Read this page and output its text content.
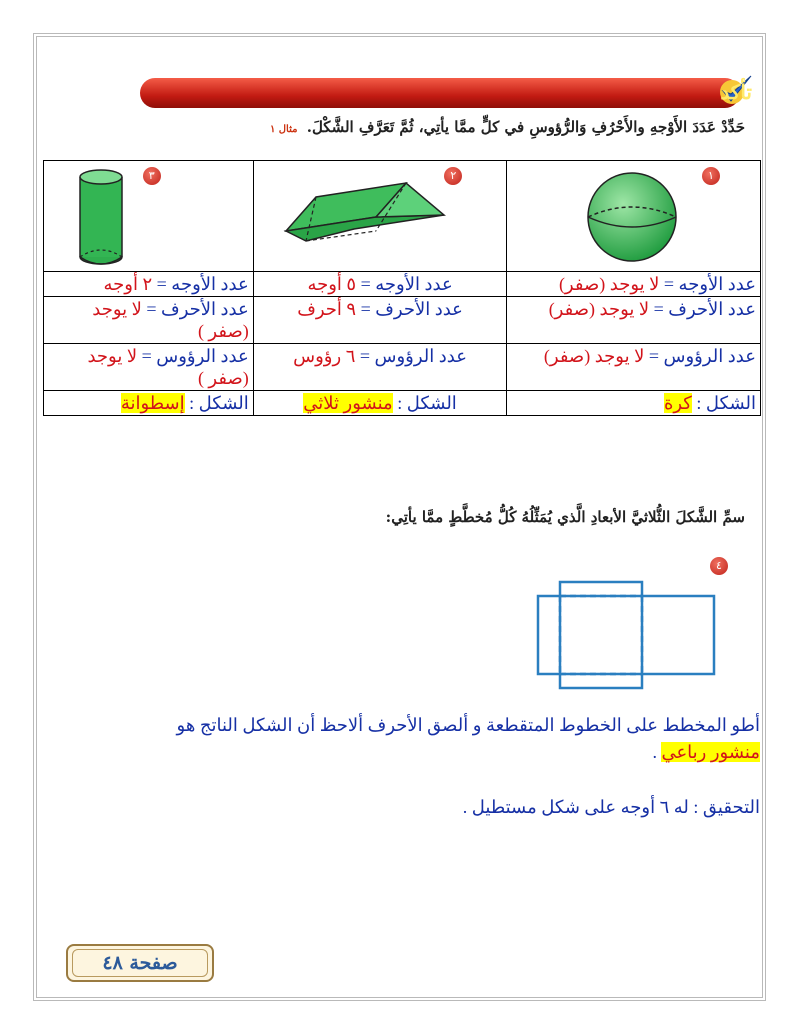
تأكد
حَدِّدْ عَدَدَ الأَوْجهِ والأَحْرُفِ وَالرُّؤوسِ في كلٍّ ممَّا يأتِي، ثُمَّ تَعَرَّفِ الشَّكْلَ. مثال ١
١	٢	٣

عدد الأوجه = لا يوجد (صفر)	عدد الأوجه = ٥ أوجه	عدد الأوجه = ٢ أوجه
عدد الأحرف = لا يوجد (صفر)	عدد الأحرف = ٩ أحرف	عدد الأحرف = لا يوجد (صفر )
عدد الرؤوس = لا يوجد (صفر)	عدد الرؤوس = ٦ رؤوس	عدد الرؤوس = لا يوجد (صفر )
الشكل : كرة	الشكل : منشور ثلاثي	الشكل : إسطوانة
سمِّ الشَّكلَ الثُّلاثيَّ الأبعادِ الَّذي يُمَثِّلُهُ كُلُّ مُخطَّطٍ ممَّا يأتِي:
٤
أطو المخطط على الخطوط المتقطعة و ألصق الأحرف ألاحظ أن الشكل الناتج هو
منشور رباعي .
التحقيق : له ٦ أوجه على شكل مستطيل .
صفحة ٤٨
